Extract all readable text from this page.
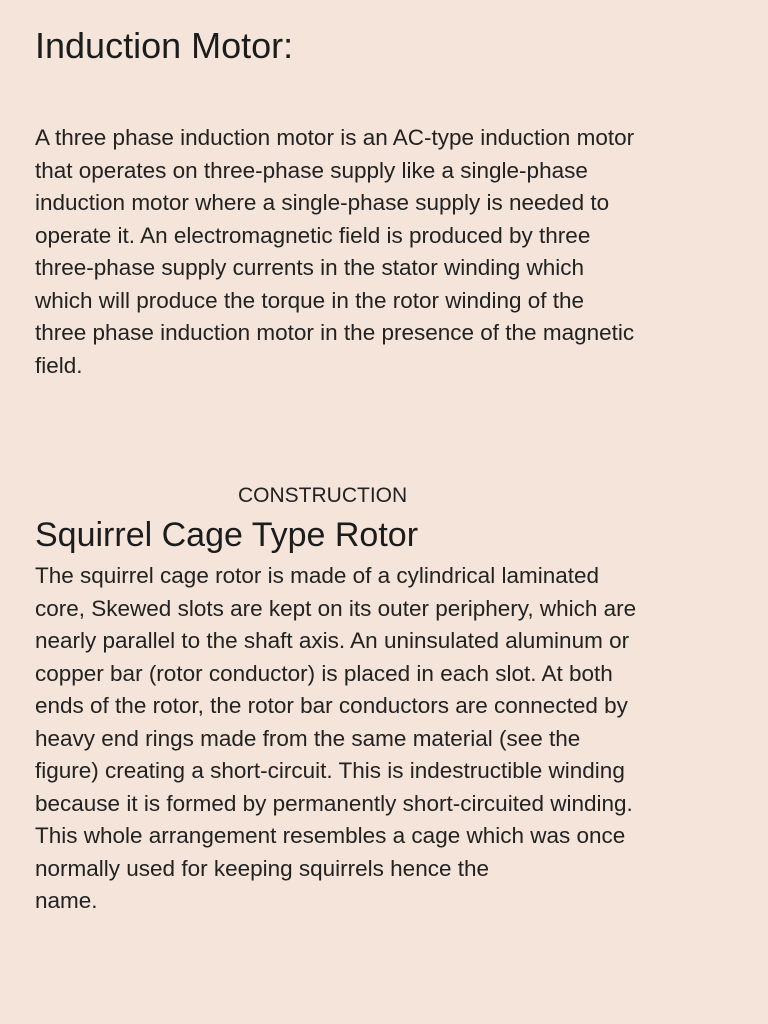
Induction Motor:

A three phase induction motor is an AC-type induction motor
that operates on three-phase supply like a single-phase
induction motor where a single-phase supply is needed to
operate it. An electromagnetic field is produced by three
three-phase supply currents in the stator winding which
which will produce the torque in the rotor winding of the
three phase induction motor in the presence of the magnetic
field.

CONSTRUCTION
Squirrel Cage Type Rotor

The squirrel cage rotor is made of a cylindrical laminated
core, Skewed slots are kept on its outer periphery, which are
nearly parallel to the shaft axis. An uninsulated aluminum or
copper bar (rotor conductor) is placed in each slot. At both
ends of the rotor, the rotor bar conductors are connected by
heavy end rings made from the same material (see the
figure) creating a short-circuit. This is indestructible winding
because it is formed by permanently short-circuited winding.
This whole arrangement resembles a cage which was once
normally used for keeping squirrels hence the
name.
